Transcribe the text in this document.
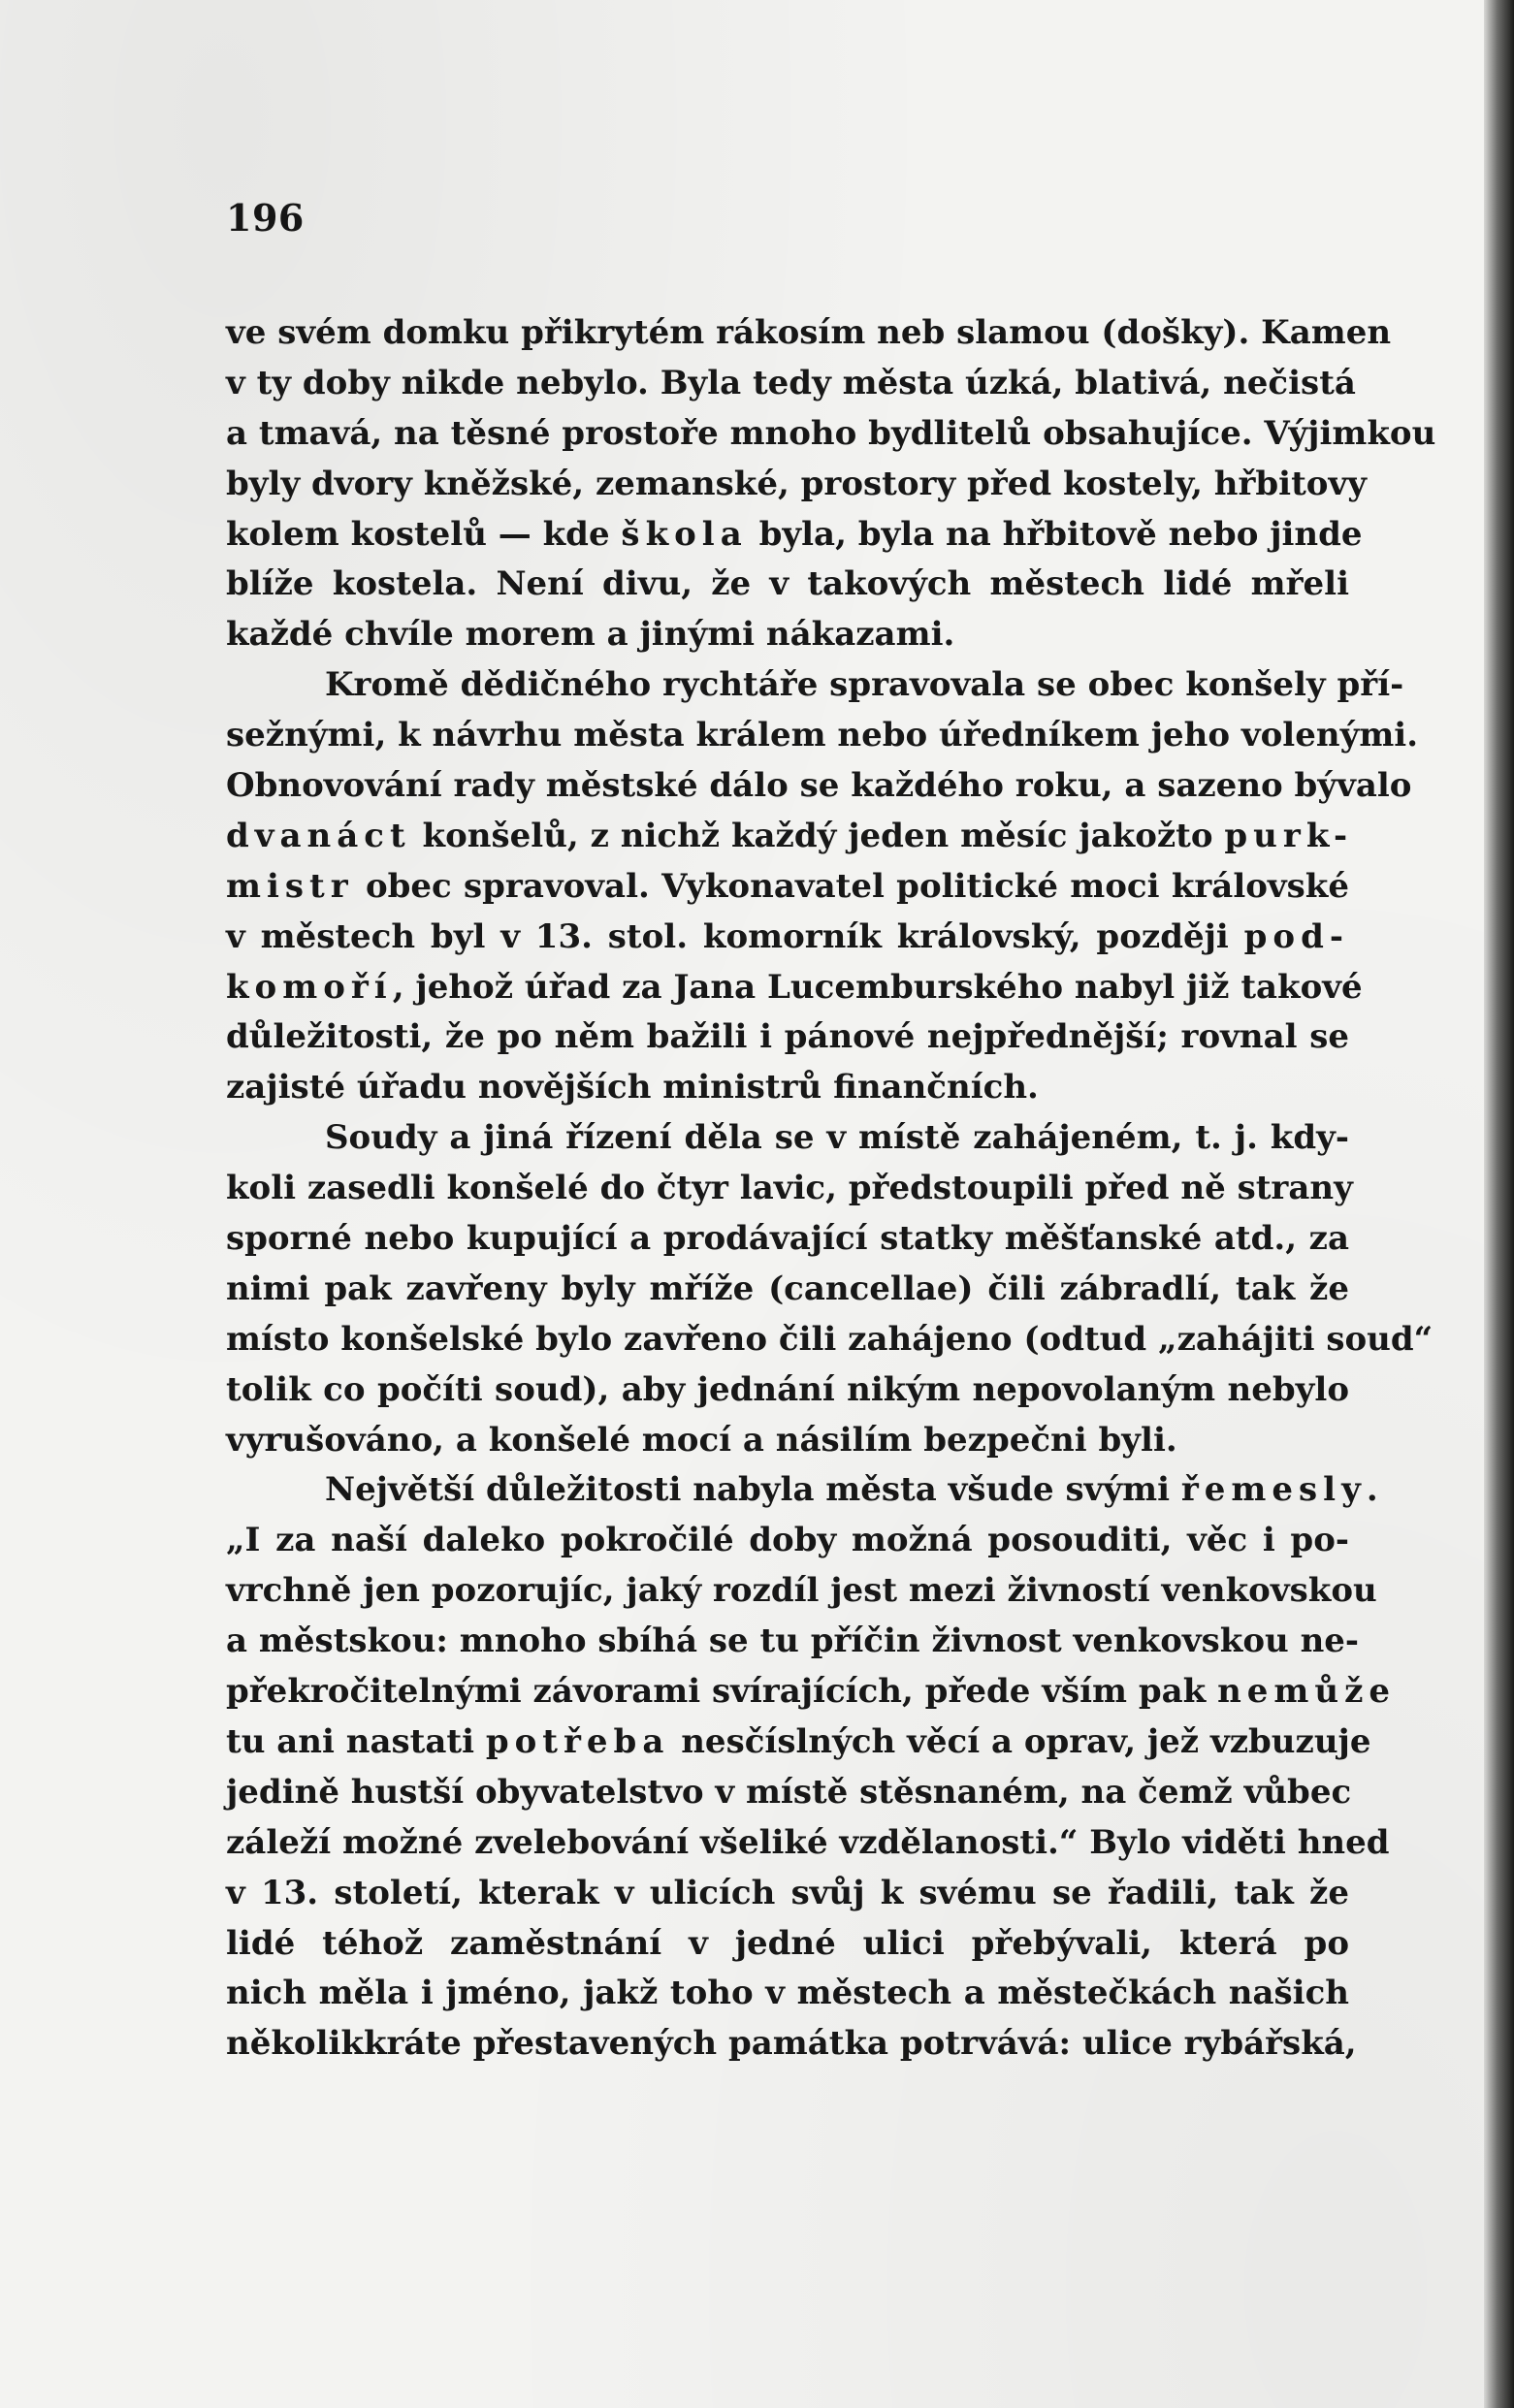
196
ve svém domku přikrytém rákosím neb slamou (došky). Kamen
v ty doby nikde nebylo. Byla tedy města úzká, blativá, nečistá
a tmavá, na těsné prostoře mnoho bydlitelů obsahujíce. Výjimkou
byly dvory kněžské, zemanské, prostory před kostely, hřbitovy
kolem kostelů — kde škola byla, byla na hřbitově nebo jinde
blíže kostela. Není divu, že v takových městech lidé mřeli
každé chvíle morem a jinými nákazami.
Kromě dědičného rychtáře spravovala se obec konšely pří-
sežnými, k návrhu města králem nebo úředníkem jeho volenými.
Obnovování rady městské dálo se každého roku, a sazeno bývalo
dvanáct konšelů, z nichž každý jeden měsíc jakožto purk-
mistr obec spravoval. Vykonavatel politické moci královské
v městech byl v 13. stol. komorník královský, později pod-
komoří, jehož úřad za Jana Lucemburského nabyl již takové
důležitosti, že po něm bažili i pánové nejpřednější; rovnal se
zajisté úřadu novějších ministrů finančních.
Soudy a jiná řízení děla se v místě zahájeném, t. j. kdy-
koli zasedli konšelé do čtyr lavic, předstoupili před ně strany
sporné nebo kupující a prodávající statky měšťanské atd., za
nimi pak zavřeny byly mříže (cancellae) čili zábradlí, tak že
místo konšelské bylo zavřeno čili zahájeno (odtud „zahájiti soud“
tolik co počíti soud), aby jednání nikým nepovolaným nebylo
vyrušováno, a konšelé mocí a násilím bezpečni byli.
Největší důležitosti nabyla města všude svými řemesly.
„I za naší daleko pokročilé doby možná posouditi, věc i po-
vrchně jen pozorujíc, jaký rozdíl jest mezi živností venkovskou
a městskou: mnoho sbíhá se tu příčin živnost venkovskou ne-
překročitelnými závorami svírajících, přede vším pak nemůže
tu ani nastati potřeba nesčíslných věcí a oprav, jež vzbuzuje
jedině hustší obyvatelstvo v místě stěsnaném, na čemž vůbec
záleží možné zvelebování všeliké vzdělanosti.“ Bylo viděti hned
v 13. století, kterak v ulicích svůj k svému se řadili, tak že
lidé téhož zaměstnání v jedné ulici přebývali, která po
nich měla i jméno, jakž toho v městech a městečkách našich
několikkráte přestavených památka potrvává: ulice rybářská,
